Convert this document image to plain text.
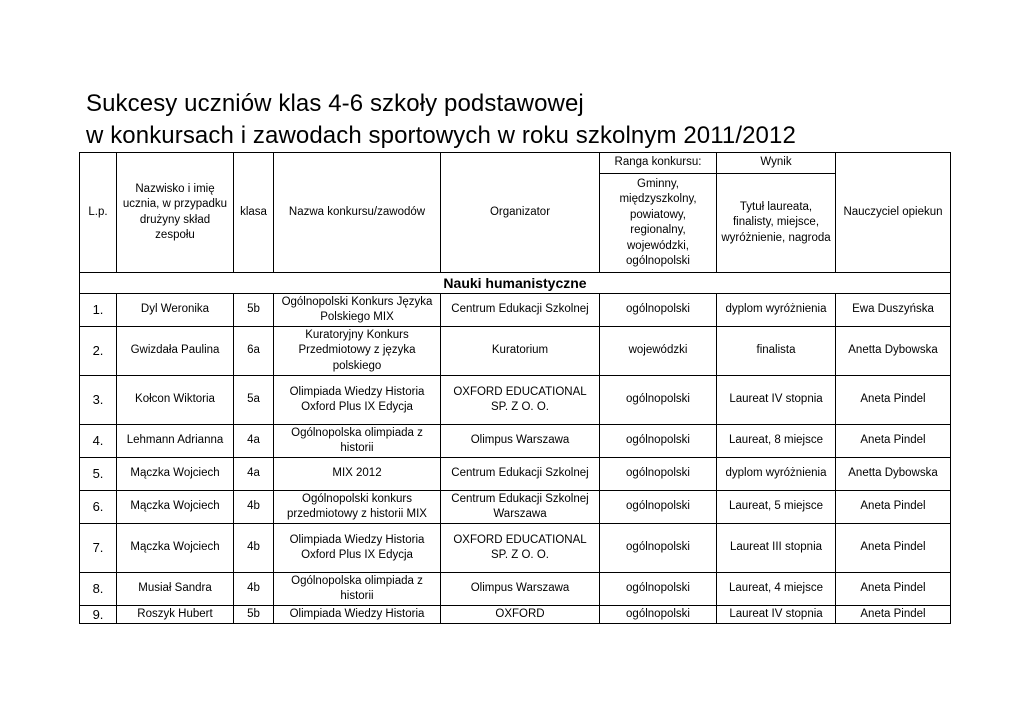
Sukcesy uczniów klas 4-6 szkoły podstawowej
w konkursach i zawodach sportowych w roku szkolnym 2011/2012
L.p.	Nazwisko i imię ucznia, w przypadku drużyny skład zespołu	klasa	Nazwa konkursu/zawodów	Organizator	Ranga konkursu:	Wynik	Nauczyciel opiekun
					Gminny, międzyszkolny, powiatowy, regionalny, wojewódzki, ogólnopolski	Tytuł laureata, finalisty, miejsce, wyróżnienie, nagroda	
Nauki humanistyczne							
1.	Dyl Weronika	5b	Ogólnopolski Konkurs Języka Polskiego MIX	Centrum Edukacji Szkolnej	ogólnopolski	dyplom wyróżnienia	Ewa Duszyńska
2.	Gwizdała Paulina	6a	Kuratoryjny Konkurs Przedmiotowy z języka polskiego	Kuratorium	wojewódzki	finalista	Anetta Dybowska
3.	Kołcon Wiktoria	5a	Olimpiada Wiedzy Historia Oxford Plus IX Edycja	OXFORD EDUCATIONAL SP. Z O. O.	ogólnopolski	Laureat IV stopnia	Aneta Pindel
4.	Lehmann Adrianna	4a	Ogólnopolska olimpiada z historii	Olimpus Warszawa	ogólnopolski	Laureat, 8 miejsce	Aneta Pindel
5.	Mączka Wojciech	4a	MIX 2012	Centrum Edukacji Szkolnej	ogólnopolski	dyplom wyróżnienia	Anetta Dybowska
6.	Mączka Wojciech	4b	Ogólnopolski konkurs przedmiotowy z historii MIX	Centrum Edukacji Szkolnej Warszawa	ogólnopolski	Laureat, 5 miejsce	Aneta Pindel
7.	Mączka Wojciech	4b	Olimpiada Wiedzy Historia Oxford Plus IX Edycja	OXFORD EDUCATIONAL SP. Z O. O.	ogólnopolski	Laureat III stopnia	Aneta Pindel
8.	Musiał Sandra	4b	Ogólnopolska olimpiada z historii	Olimpus Warszawa	ogólnopolski	Laureat, 4 miejsce	Aneta Pindel
9.	Roszyk Hubert	5b	Olimpiada Wiedzy Historia	OXFORD	ogólnopolski	Laureat IV stopnia	Aneta Pindel
